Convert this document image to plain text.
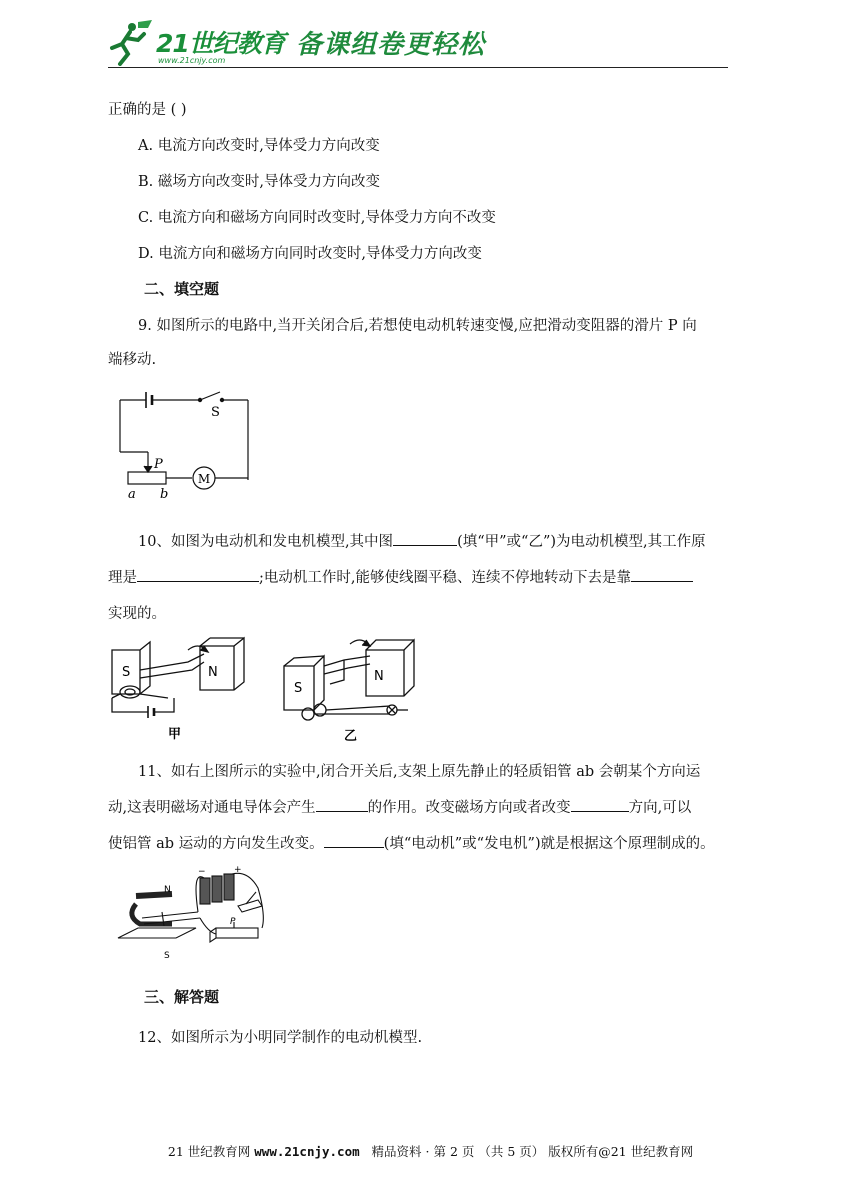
21世纪教育
www.21cnjy.com
备课组卷更轻松
正确的是 ( )
A. 电流方向改变时,导体受力方向改变
B. 磁场方向改变时,导体受力方向改变
C. 电流方向和磁场方向同时改变时,导体受力方向不改变
D. 电流方向和磁场方向同时改变时,导体受力方向改变
二、填空题
9. 如图所示的电路中,当开关闭合后,若想使电动机转速变慢,应把滑动变阻器的滑片 P 向
端移动.
S
P
a b
M
10、如图为电动机和发电机模型,其中图	(填“甲”或“乙”)为电动机模型,其工作原
理是	;电动机工作时,能够使线圈平稳、连续不停地转动下去是靠
实现的。
S	N
S
N
甲	乙
11、如右上图所示的实验中,闭合开关后,支架上原先静止的轻质铝管 ab 会朝某个方向运
动,这表明磁场对通电导体会产生	的作用。改变磁场方向或者改变	方向,可以
使铝管 ab 运动的方向发生改变。	(填“电动机”或“发电机”)就是根据这个原理制成的。
N
S
P
−	+
三、解答题
12、如图所示为小明同学制作的电动机模型.
21 世纪教育网 www.21cnjy.com 精品资料 · 第 2 页 （共 5 页） 版权所有@21 世纪教育网
